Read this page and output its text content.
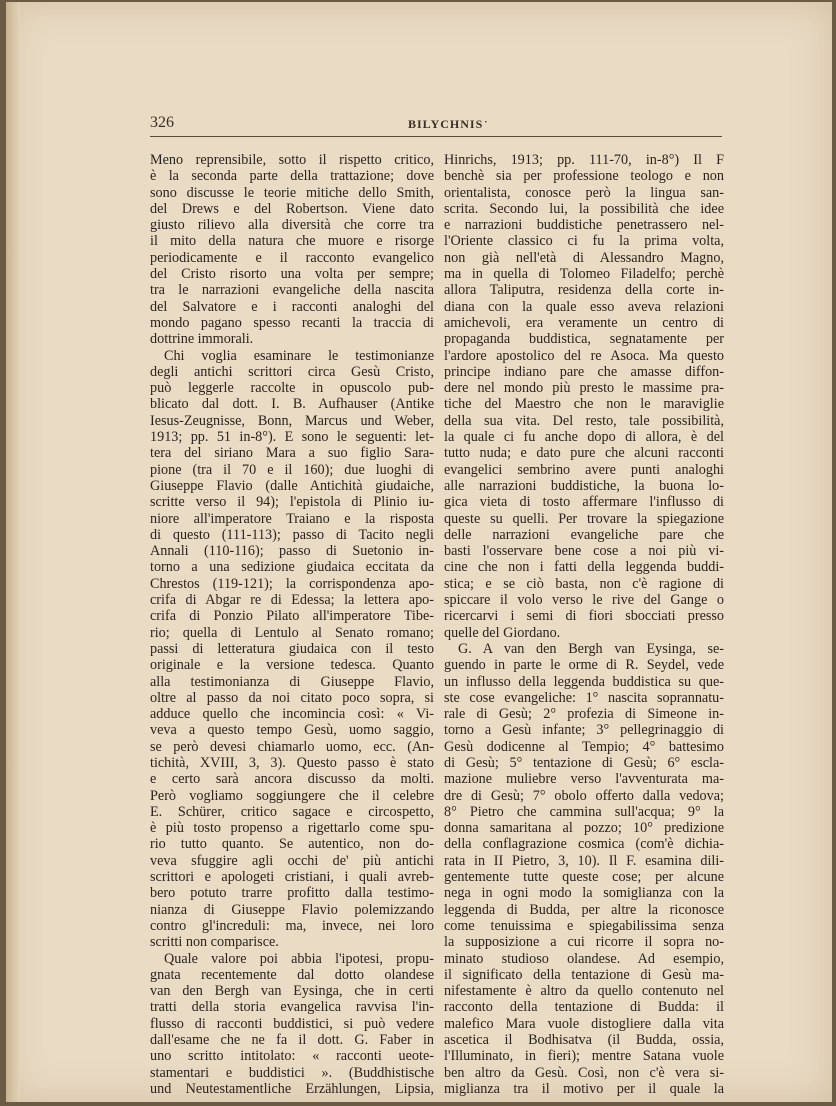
326	BILYCHNIS ·
Meno reprensibile, sotto il rispetto critico,
è la seconda parte della trattazione; dove
sono discusse le teorie mitiche dello Smith,
del Drews e del Robertson. Viene dato
giusto rilievo alla diversità che corre tra
il mito della natura che muore e risorge
periodicamente e il racconto evangelico
del Cristo risorto una volta per sempre;
tra le narrazioni evangeliche della nascita
del Salvatore e i racconti analoghi del
mondo pagano spesso recanti la traccia di
dottrine immorali.
Chi voglia esaminare le testimonianze
degli antichi scrittori circa Gesù Cristo,
può leggerle raccolte in opuscolo pub-
blicato dal dott. I. B. Aufhauser (Antike
Iesus-Zeugnisse, Bonn, Marcus und Weber,
1913; pp. 51 in-8°). E sono le seguenti: let-
tera del siriano Mara a suo figlio Sara-
pione (tra il 70 e il 160); due luoghi di
Giuseppe Flavio (dalle Antichità giudaiche,
scritte verso il 94); l'epistola di Plinio iu-
niore all'imperatore Traiano e la risposta
di questo (111-113); passo di Tacito negli
Annali (110-116); passo di Suetonio in-
torno a una sedizione giudaica eccitata da
Chrestos (119-121); la corrispondenza apo-
crifa di Abgar re di Edessa; la lettera apo-
crifa di Ponzio Pilato all'imperatore Tibe-
rio; quella di Lentulo al Senato romano;
passi di letteratura giudaica con il testo
originale e la versione tedesca. Quanto
alla testimonianza di Giuseppe Flavio,
oltre al passo da noi citato poco sopra, si
adduce quello che incomincia così: « Vi-
veva a questo tempo Gesù, uomo saggio,
se però devesi chiamarlo uomo, ecc. (An-
tichità, XVIII, 3, 3). Questo passo è stato
e certo sarà ancora discusso da molti.
Però vogliamo soggiungere che il celebre
E. Schürer, critico sagace e circospetto,
è più tosto propenso a rigettarlo come spu-
rio tutto quanto. Se autentico, non do-
veva sfuggire agli occhi de' più antichi
scrittori e apologeti cristiani, i quali avreb-
bero potuto trarre profitto dalla testimo-
nianza di Giuseppe Flavio polemizzando
contro gl'increduli: ma, invece, nei loro
scritti non comparisce.
Quale valore poi abbia l'ipotesi, propu-
gnata recentemente dal dotto olandese
van den Bergh van Eysinga, che in certi
tratti della storia evangelica ravvisa l'in-
flusso di racconti buddistici, si può vedere
dall'esame che ne fa il dott. G. Faber in
uno scritto intitolato: « racconti ueote-
stamentari e buddistici ». (Buddhistische
und Neutestamentliche Erzählungen, Lipsia,
Hinrichs, 1913; pp. 111-70, in-8°) Il F
benchè sia per professione teologo e non
orientalista, conosce però la lingua san-
scrita. Secondo lui, la possibilità che idee
e narrazioni buddistiche penetrassero nel-
l'Oriente classico ci fu la prima volta,
non già nell'età di Alessandro Magno,
ma in quella di Tolomeo Filadelfo; perchè
allora Taliputra, residenza della corte in-
diana con la quale esso aveva relazioni
amichevoli, era veramente un centro di
propaganda buddistica, segnatamente per
l'ardore apostolico del re Asoca. Ma questo
principe indiano pare che amasse diffon-
dere nel mondo più presto le massime pra-
tiche del Maestro che non le maraviglie
della sua vita. Del resto, tale possibilità,
la quale ci fu anche dopo di allora, è del
tutto nuda; e dato pure che alcuni racconti
evangelici sembrino avere punti analoghi
alle narrazioni buddistiche, la buona lo-
gica vieta di tosto affermare l'influsso di
queste su quelli. Per trovare la spiegazione
delle narrazioni evangeliche pare che
basti l'osservare bene cose a noi più vi-
cine che non i fatti della leggenda buddi-
stica; e se ciò basta, non c'è ragione di
spiccare il volo verso le rive del Gange o
ricercarvi i semi di fiori sbocciati presso
quelle del Giordano.
G. A van den Bergh van Eysinga, se-
guendo in parte le orme di R. Seydel, vede
un influsso della leggenda buddistica su que-
ste cose evangeliche: 1° nascita soprannatu-
rale di Gesù; 2° profezia di Simeone in-
torno a Gesù infante; 3° pellegrinaggio di
Gesù dodicenne al Tempio; 4° battesimo
di Gesù; 5° tentazione di Gesù; 6° escla-
mazione muliebre verso l'avventurata ma-
dre di Gesù; 7° obolo offerto dalla vedova;
8° Pietro che cammina sull'acqua; 9° la
donna samaritana al pozzo; 10° predizione
della conflagrazione cosmica (com'è dichia-
rata in II Pietro, 3, 10). Il F. esamina dili-
gentemente tutte queste cose; per alcune
nega in ogni modo la somiglianza con la
leggenda di Budda, per altre la riconosce
come tenuissima e spiegabilissima senza
la supposizione a cui ricorre il sopra no-
minato studioso olandese. Ad esempio,
il significato della tentazione di Gesù ma-
nifestamente è altro da quello contenuto nel
racconto della tentazione di Budda: il
malefico Mara vuole distogliere dalla vita
ascetica il Bodhisatva (il Budda, ossia,
l'Illuminato, in fieri); mentre Satana vuole
ben altro da Gesù. Così, non c'è vera si-
miglianza tra il motivo per il quale la
